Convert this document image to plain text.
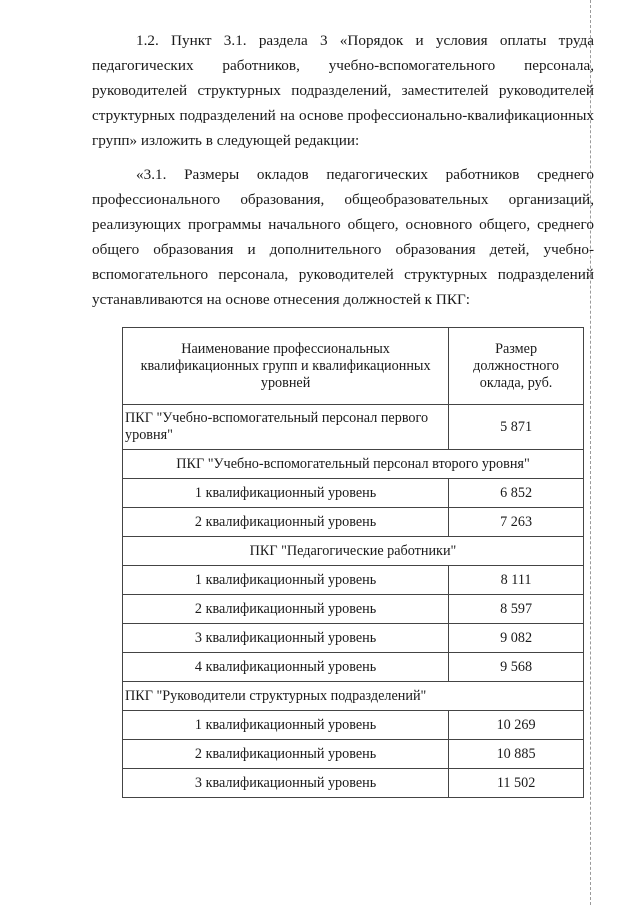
1.2. Пункт 3.1. раздела 3 «Порядок и условия оплаты труда педагогических работников, учебно-вспомогательного персонала, руководителей структурных подразделений, заместителей руководителей структурных подразделений на основе профессионально-квалификационных групп» изложить в следующей редакции:

«3.1. Размеры окладов педагогических работников среднего профессионального образования, общеобразовательных организаций, реализующих программы начального общего, основного общего, среднего общего образования и дополнительного образования детей, учебно-вспомогательного персонала, руководителей структурных подразделений устанавливаются на основе отнесения должностей к ПКГ:

Наименование профессиональных квалификационных групп и квалификационных уровней	Размер должностного оклада, руб.
ПКГ "Учебно-вспомогательный персонал первого уровня"	5 871
ПКГ "Учебно-вспомогательный персонал второго уровня"	
1 квалификационный уровень	6 852
2 квалификационный уровень	7 263
ПКГ "Педагогические работники"	
1 квалификационный уровень	8 111
2 квалификационный уровень	8 597
3 квалификационный уровень	9 082
4 квалификационный уровень	9 568
ПКГ "Руководители структурных подразделений"	
1 квалификационный уровень	10 269
2 квалификационный уровень	10 885
3 квалификационный уровень	11 502
